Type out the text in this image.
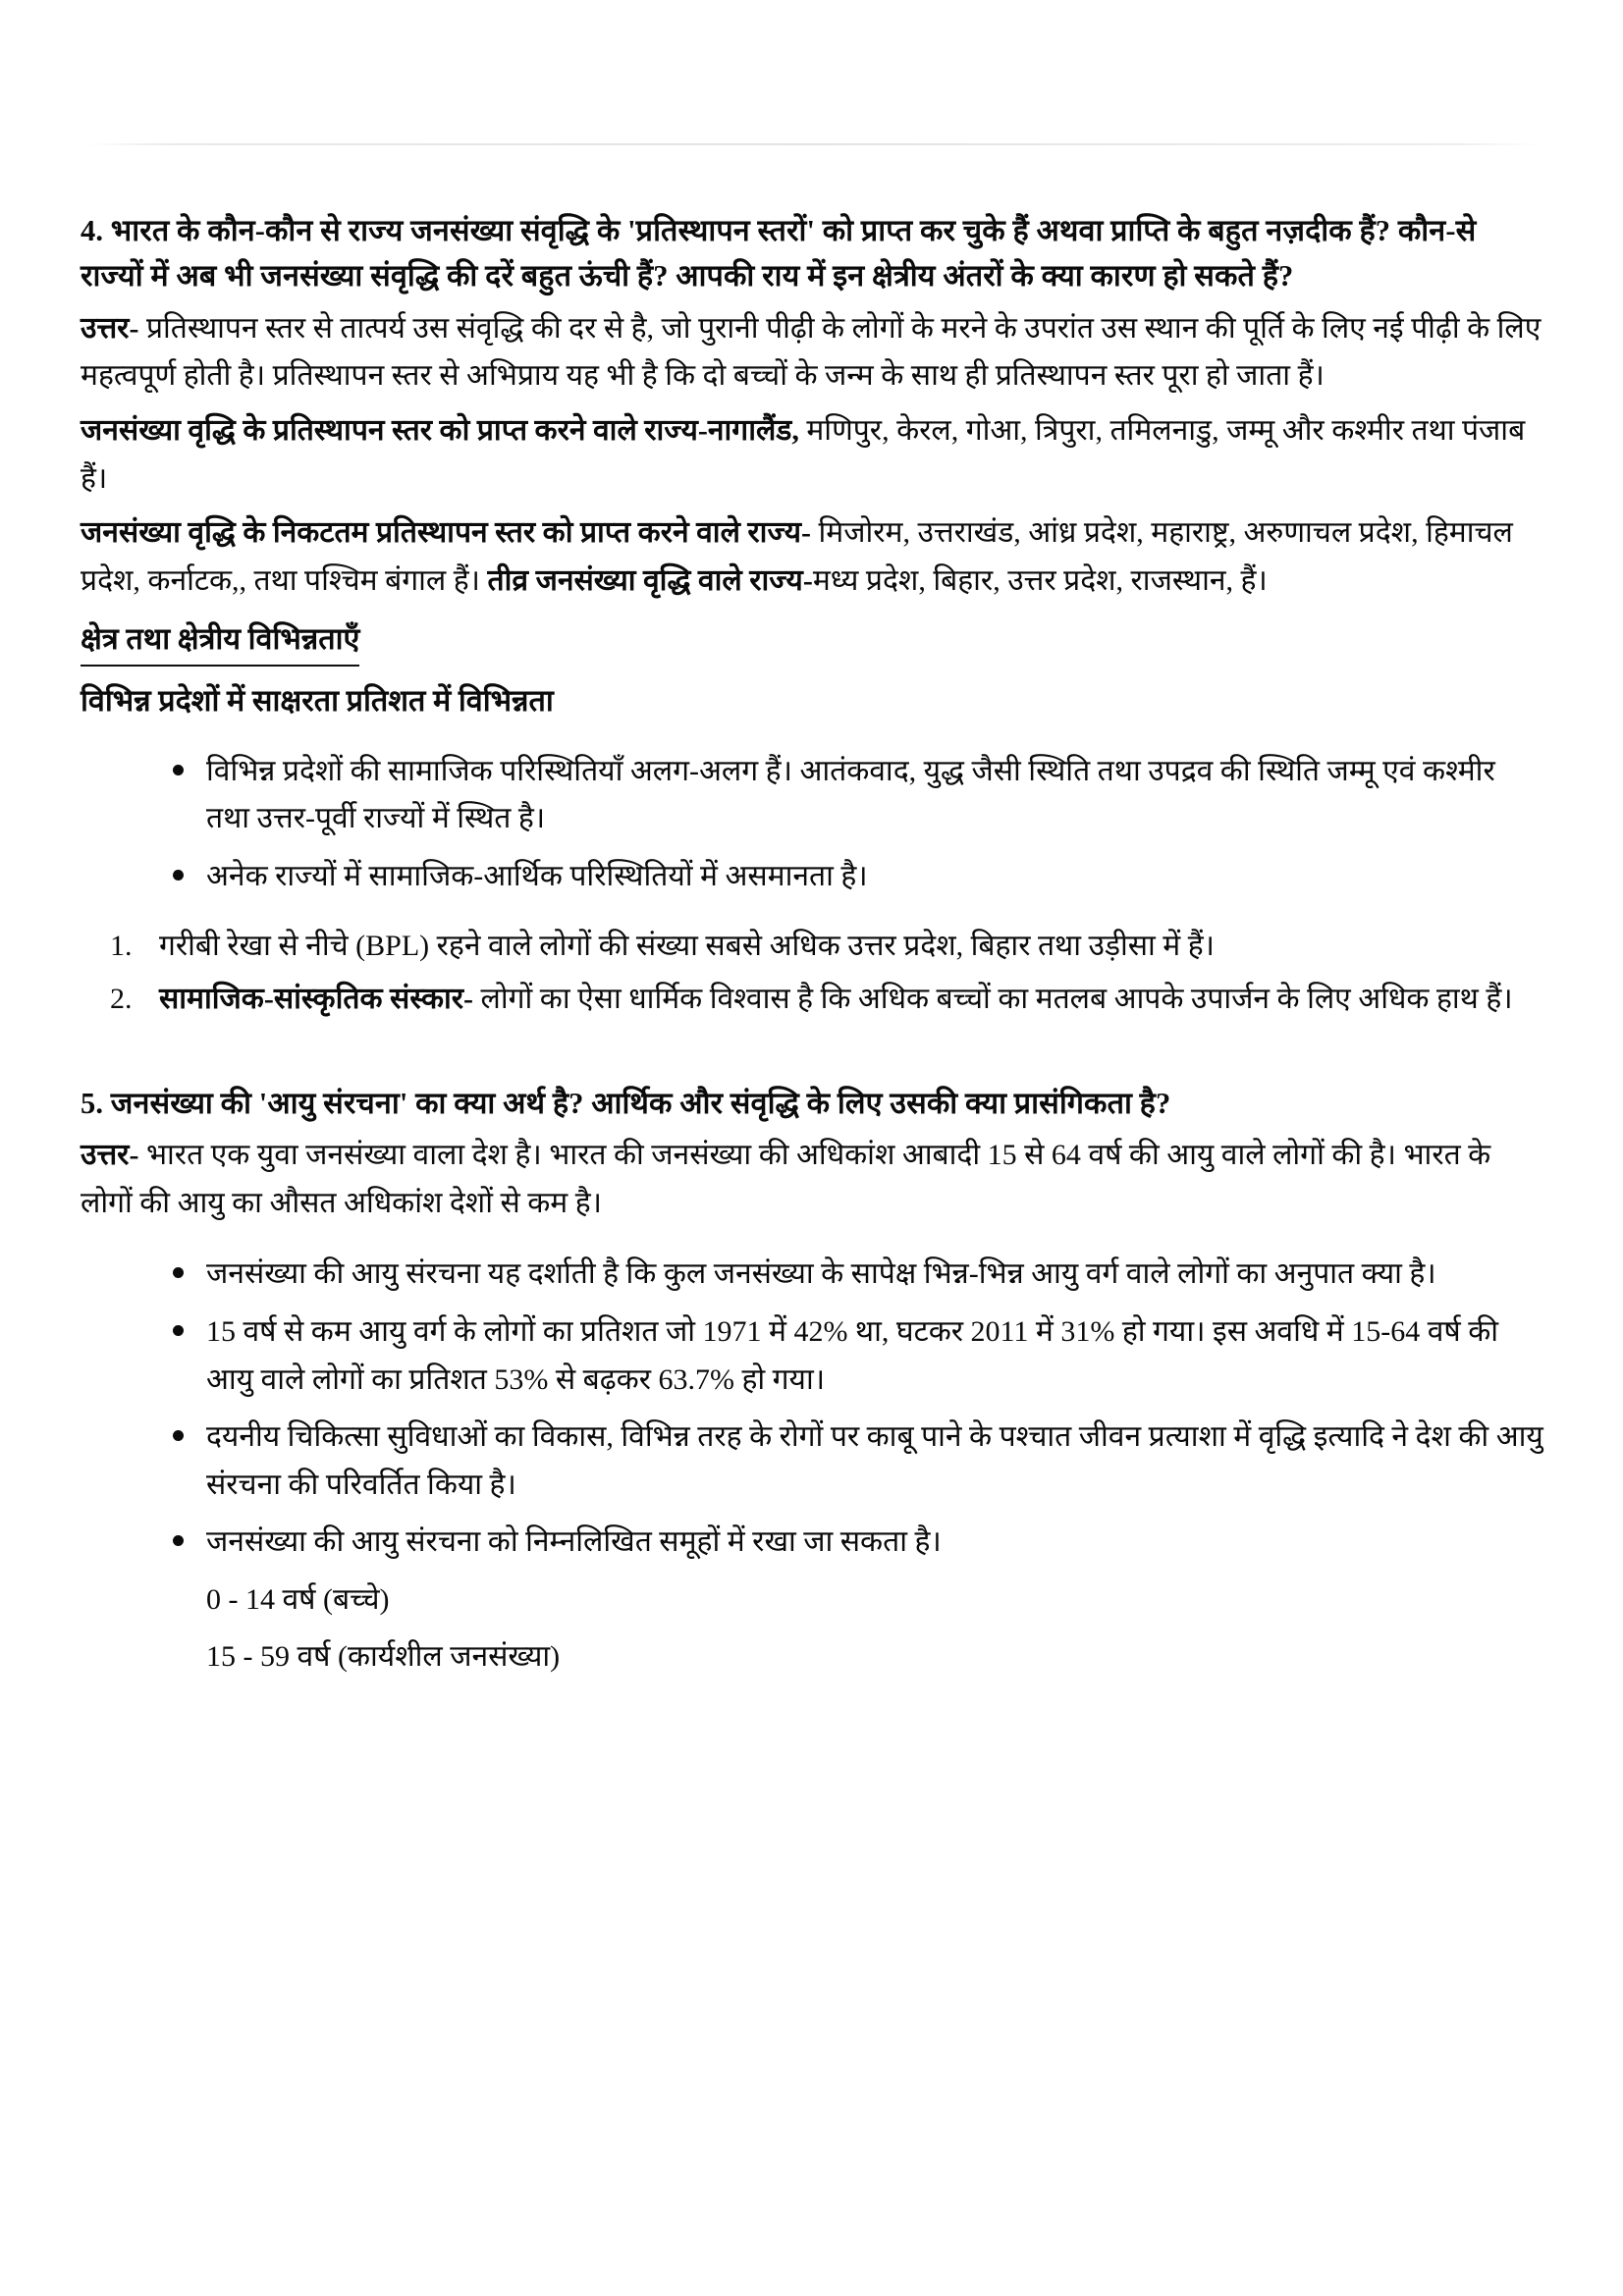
4. भारत के कौन-कौन से राज्य जनसंख्या संवृद्धि के 'प्रतिस्थापन स्तरों' को प्राप्त कर चुके हैं अथवा प्राप्ति के बहुत नज़दीक हैं? कौन-से राज्यों में अब भी जनसंख्या संवृद्धि की दरें बहुत ऊंची हैं? आपकी राय में इन क्षेत्रीय अंतरों के क्या कारण हो सकते हैं?

उत्तर- प्रतिस्थापन स्तर से तात्पर्य उस संवृद्धि की दर से है, जो पुरानी पीढ़ी के लोगों के मरने के उपरांत उस स्थान की पूर्ति के लिए नई पीढ़ी के लिए महत्वपूर्ण होती है। प्रतिस्थापन स्तर से अभिप्राय यह भी है कि दो बच्चों के जन्म के साथ ही प्रतिस्थापन स्तर पूरा हो जाता हैं।

जनसंख्या वृद्धि के प्रतिस्थापन स्तर को प्राप्त करने वाले राज्य-नागालैंड, मणिपुर, केरल, गोआ, त्रिपुरा, तमिलनाडु, जम्मू और कश्मीर तथा पंजाब हैं।

जनसंख्या वृद्धि के निकटतम प्रतिस्थापन स्तर को प्राप्त करने वाले राज्य- मिजोरम, उत्तराखंड, आंध्र प्रदेश, महाराष्ट्र, अरुणाचल प्रदेश, हिमाचल प्रदेश, कर्नाटक,, तथा पश्चिम बंगाल हैं। तीव्र जनसंख्या वृद्धि वाले राज्य-मध्य प्रदेश, बिहार, उत्तर प्रदेश, राजस्थान, हैं।

क्षेत्र तथा क्षेत्रीय विभिन्नताएँ

विभिन्न प्रदेशों में साक्षरता प्रतिशत में विभिन्नता

विभिन्न प्रदेशों की सामाजिक परिस्थितियाँ अलग-अलग हैं। आतंकवाद, युद्ध जैसी स्थिति तथा उपद्रव की स्थिति जम्मू एवं कश्मीर तथा उत्तर-पूर्वी राज्यों में स्थित है।
अनेक राज्यों में सामाजिक-आर्थिक परिस्थितियों में असमानता है।
गरीबी रेखा से नीचे (BPL) रहने वाले लोगों की संख्या सबसे अधिक उत्तर प्रदेश, बिहार तथा उड़ीसा में हैं।
सामाजिक-सांस्कृतिक संस्कार- लोगों का ऐसा धार्मिक विश्वास है कि अधिक बच्चों का मतलब आपके उपार्जन के लिए अधिक हाथ हैं।

5. जनसंख्या की 'आयु संरचना' का क्या अर्थ है? आर्थिक और संवृद्धि के लिए उसकी क्या प्रासंगिकता है?

उत्तर- भारत एक युवा जनसंख्या वाला देश है। भारत की जनसंख्या की अधिकांश आबादी 15 से 64 वर्ष की आयु वाले लोगों की है। भारत के लोगों की आयु का औसत अधिकांश देशों से कम है।

जनसंख्या की आयु संरचना यह दर्शाती है कि कुल जनसंख्या के सापेक्ष भिन्न-भिन्न आयु वर्ग वाले लोगों का अनुपात क्या है।
15 वर्ष से कम आयु वर्ग के लोगों का प्रतिशत जो 1971 में 42% था, घटकर 2011 में 31% हो गया। इस अवधि में 15-64 वर्ष की आयु वाले लोगों का प्रतिशत 53% से बढ़कर 63.7% हो गया।
दयनीय चिकित्सा सुविधाओं का विकास, विभिन्न तरह के रोगों पर काबू पाने के पश्चात जीवन प्रत्याशा में वृद्धि इत्यादि ने देश की आयु संरचना की परिवर्तित किया है।
जनसंख्या की आयु संरचना को निम्नलिखित समूहों में रखा जा सकता है।
0 - 14 वर्ष (बच्चे)
15 - 59 वर्ष (कार्यशील जनसंख्या)
